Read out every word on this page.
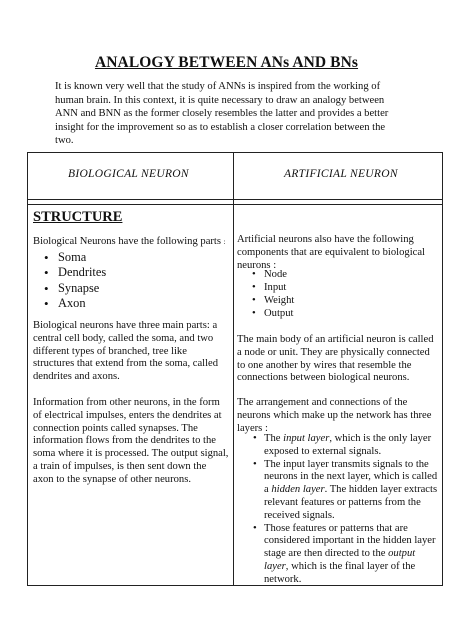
ANALOGY BETWEEN ANs AND BNs
It is known very well that the study of ANNs is inspired from the working of human brain. In this context, it is quite necessary to draw an analogy between ANN and BNN as the former closely resembles the latter and provides a better insight for the improvement so as to establish a closer correlation between the two.
BIOLOGICAL NEURON	ARTIFICIAL NEURON
STRUCTURE
Biological Neurons have the following parts :
• Soma
• Dendrites
• Synapse
• Axon
Biological neurons have three main parts: a central cell body, called the soma, and two different types of branched, tree like structures that extend from the soma, called dendrites and axons.
Information from other neurons, in the form of electrical impulses, enters the dendrites at connection points called synapses. The information flows from the dendrites to the soma where it is processed. The output signal, a train of impulses, is then sent down the axon to the synapse of other neurons.
Artificial neurons also have the following components that are equivalent to biological neurons :
• Node
• Input
• Weight
• Output
The main body of an artificial neuron is called a node or unit. They are physically connected to one another by wires that resemble the connections between biological neurons.
The arrangement and connections of the neurons which make up the network has three layers :
• The input layer, which is the only layer exposed to external signals.
• The input layer transmits signals to the neurons in the next layer, which is called a hidden layer. The hidden layer extracts relevant features or patterns from the received signals.
• Those features or patterns that are considered important in the hidden layer stage are then directed to the output layer, which is the final layer of the network.
